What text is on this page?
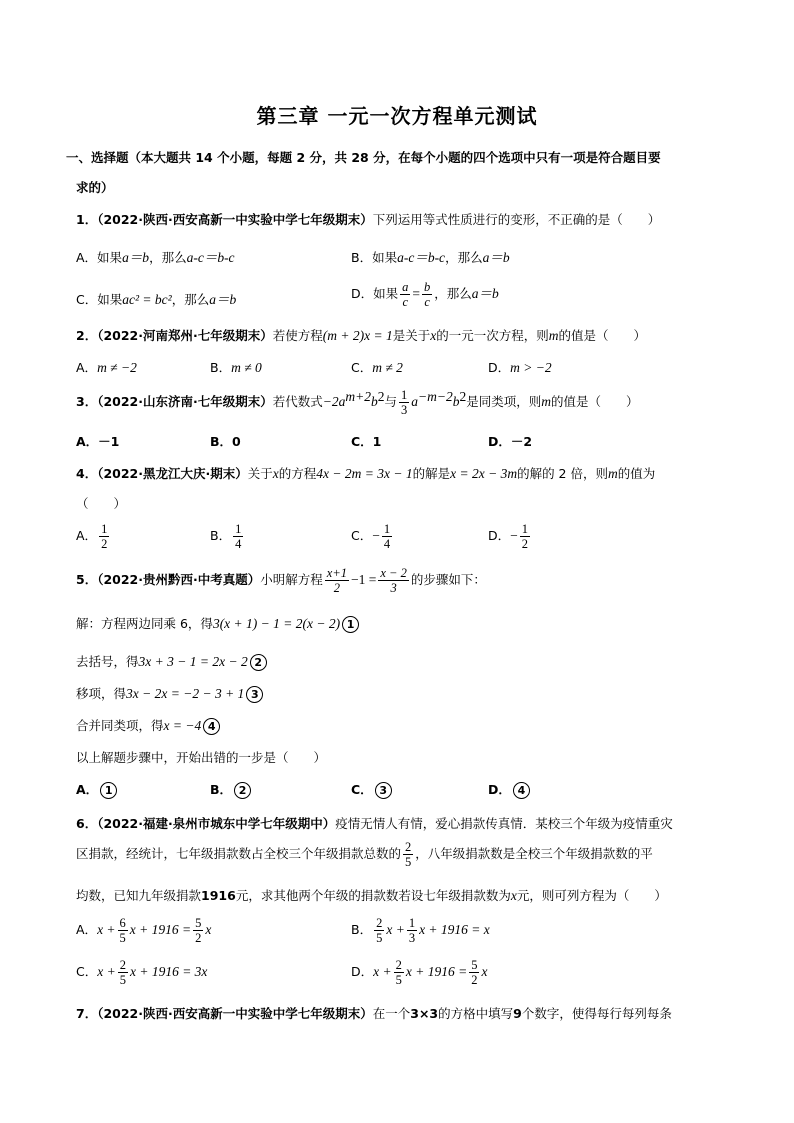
第三章 一元一次方程单元测试
一、选择题（本大题共 14 个小题，每题 2 分，共 28 分，在每个小题的四个选项中只有一项是符合题目要
求的）
1．（2022·陕西·西安高新一中实验中学七年级期末）下列运用等式性质进行的变形，不正确的是（　　）
A．如果a＝b，那么a-c＝b-c	B．如果a-c＝b-c，那么a＝b
C．如果ac² = bc²，那么a＝b	D．如果 $\frac{a}{c} = \frac{b}{c}$ ，那么a＝b
2．（2022·河南郑州·七年级期末）若使方程(m + 2)x = 1是关于x的一元一次方程，则m的值是（　　）
A．m ≠ −2	B．m ≠ 0	C．m ≠ 2	D．m > −2
3．（2022·山东济南·七年级期末）若代数式$-2a^{m+2}b^2$与 $\frac{1}{3} a^{-m-2}b^2$是同类项，则m的值是（　　）
A．－1	B．0	C．1	D．－2
4．（2022·黑龙江大庆·期末）关于x的方程4x − 2m = 3x − 1的解是x = 2x − 3m的解的 2 倍，则m的值为
（　　）
A． $\frac{1}{2}$	B． $\frac{1}{4}$	C．− $\frac{1}{4}$	D．− $\frac{1}{2}$
5．（2022·贵州黔西·中考真题）小明解方程 $\frac{x+1}{2} -1 = \frac{x - 2}{3}$ 的步骤如下：
解：方程两边同乘 6，得3(x + 1) − 1 = 2(x − 2) 1
去括号，得3x + 3 − 1 = 2x − 2 2
移项，得3x − 2x = −2 − 3 + 1 3
合并同类项，得x = −4 4
以上解题步骤中，开始出错的一步是（　　）
A． 1	B． 2	C． 3	D． 4
6．（2022·福建·泉州市城东中学七年级期中）疫情无情人有情，爱心捐款传真情．某校三个年级为疫情重灾
区捐款，经统计，七年级捐款数占全校三个年级捐款总数的 $\frac{2}{5}$ ，八年级捐款数是全校三个年级捐款数的平
均数，已知九年级捐款1916元，求其他两个年级的捐款数若设七年级捐款数为x元，则可列方程为（　　）
A．$x + \frac{6}{5}$ $x + 1916 = \frac{5}{2}$ x	B． $\frac{2}{5}$ $x + \frac{1}{3}$ x + 1916 = x
C．$x + \frac{2}{5}$ x + 1916 = 3x	D．$x + \frac{2}{5}$ $x + 1916 = \frac{5}{2}$ x
7．（2022·陕西·西安高新一中实验中学七年级期末）在一个3×3的方格中填写9个数字，使得每行每列每条
